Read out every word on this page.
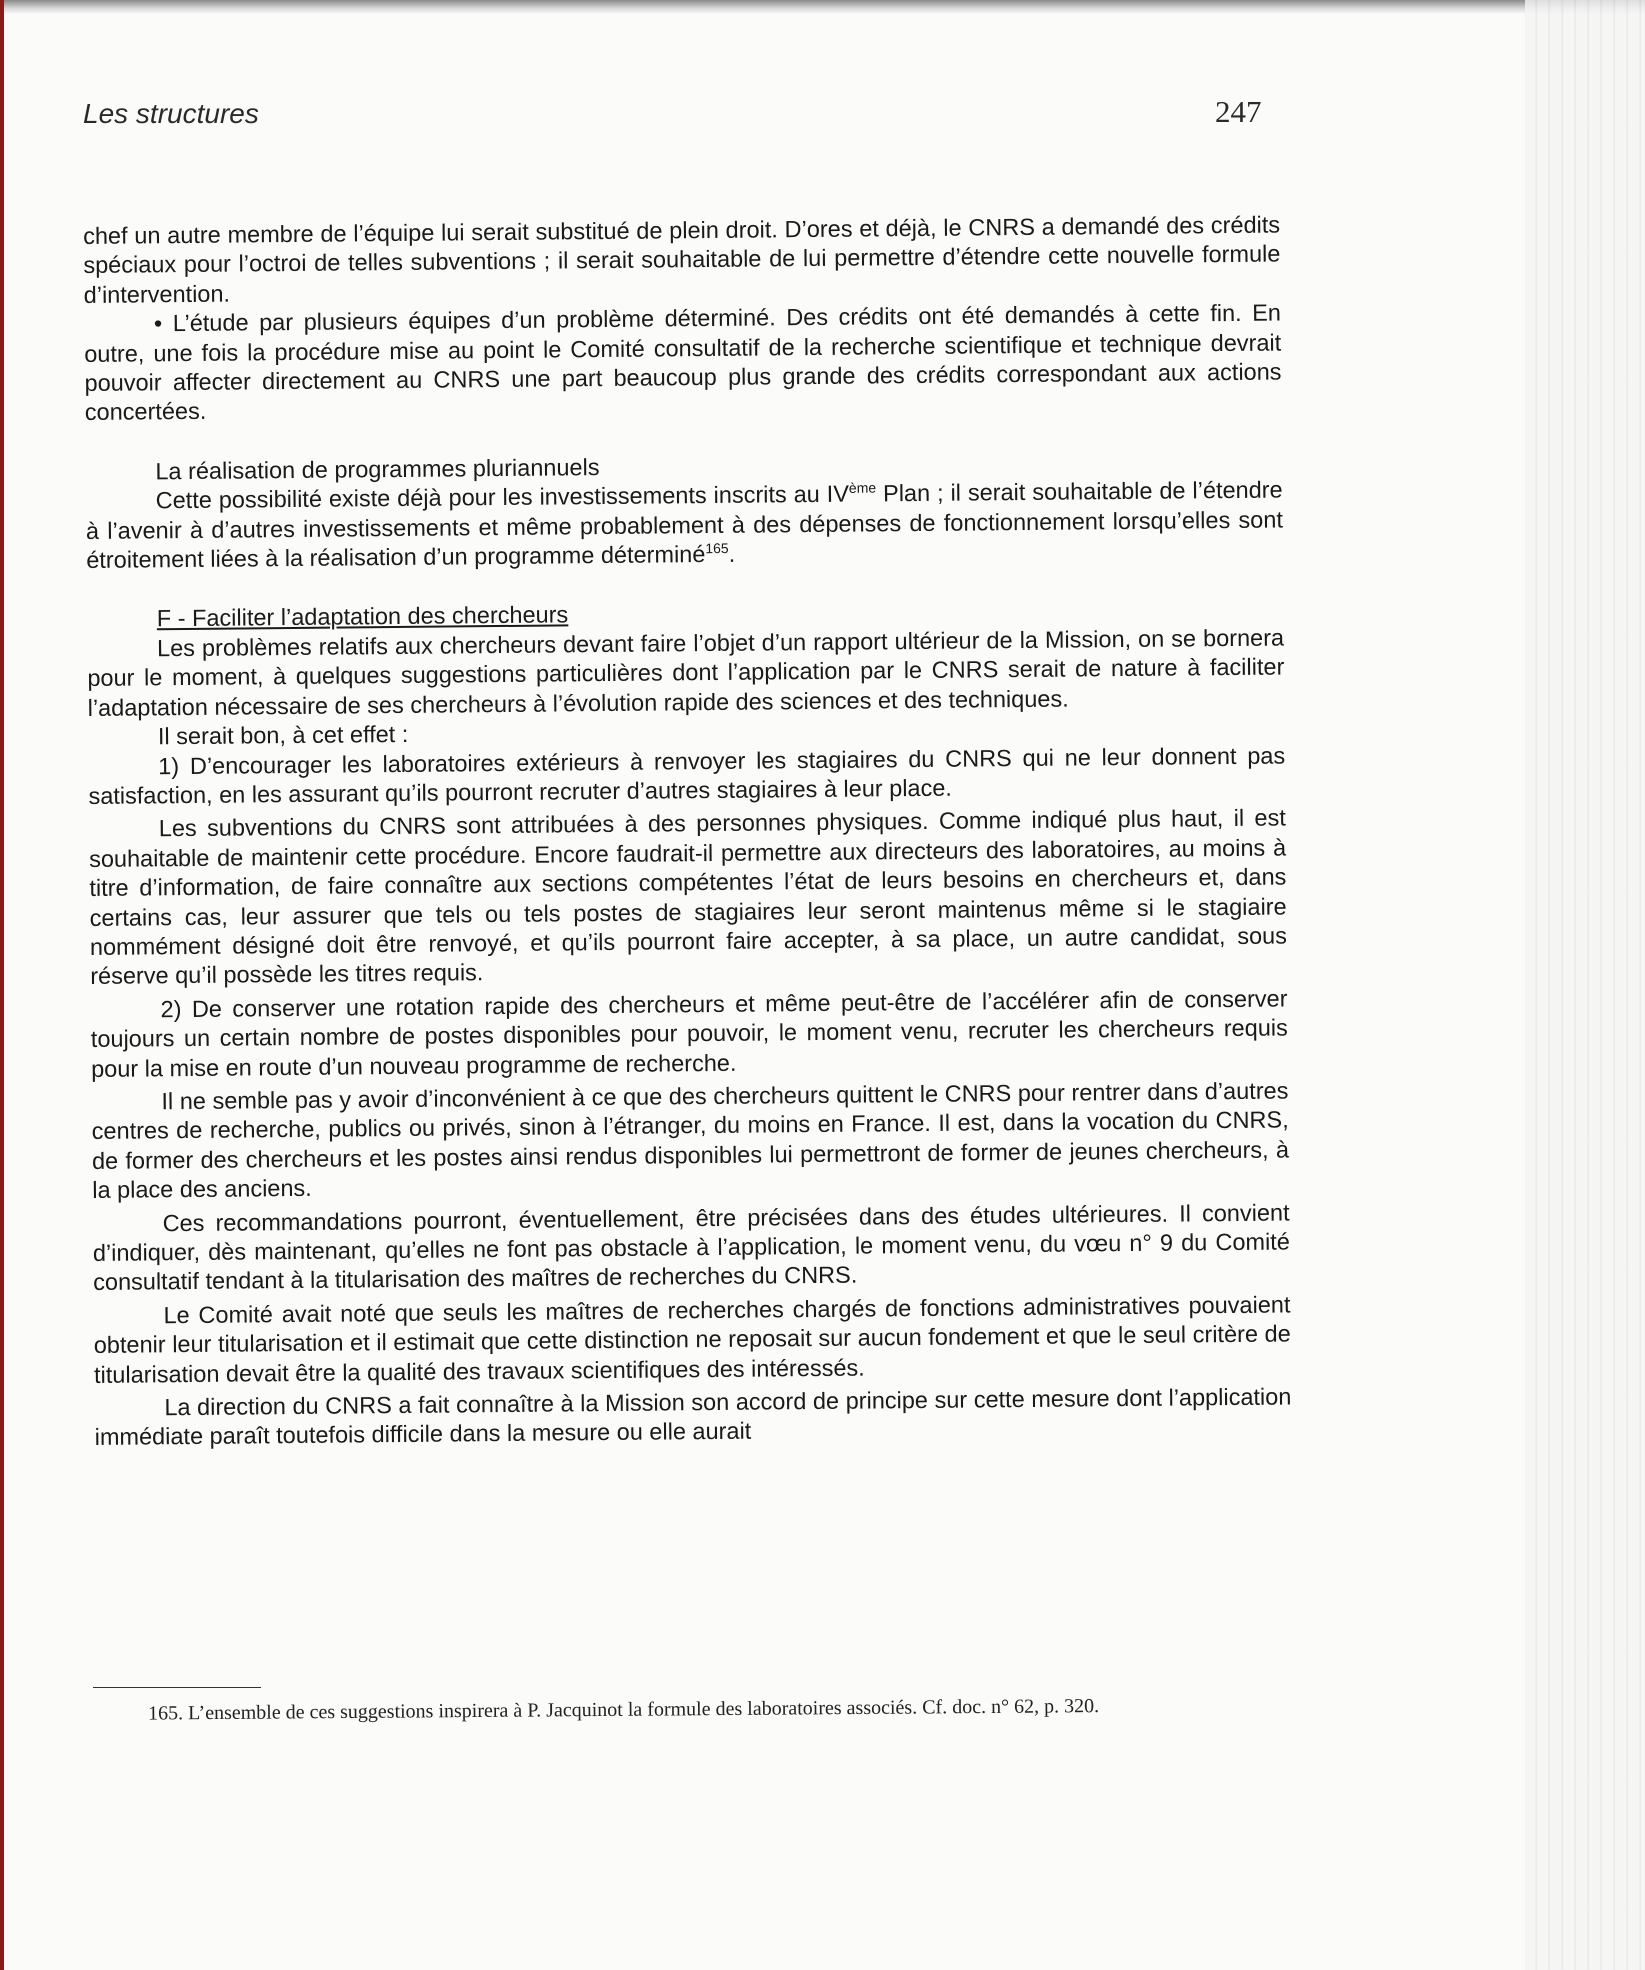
Les structures	247

chef un autre membre de l’équipe lui serait substitué de plein droit. D’ores et déjà, le CNRS a demandé des crédits spéciaux pour l’octroi de telles subventions ; il serait souhaitable de lui permettre d’étendre cette nouvelle formule d’intervention.

• L’étude par plusieurs équipes d’un problème déterminé. Des crédits ont été demandés à cette fin. En outre, une fois la procédure mise au point le Comité consultatif de la recherche scientifique et technique devrait pouvoir affecter directement au CNRS une part beaucoup plus grande des crédits correspondant aux actions concertées.

La réalisation de programmes pluriannuels

Cette possibilité existe déjà pour les investissements inscrits au IVème Plan ; il serait souhaitable de l’étendre à l’avenir à d’autres investissements et même probablement à des dépenses de fonctionnement lorsqu’elles sont étroitement liées à la réalisation d’un programme déterminé$^{165}$.

F - Faciliter l’adaptation des chercheurs

Les problèmes relatifs aux chercheurs devant faire l’objet d’un rapport ultérieur de la Mission, on se bornera pour le moment, à quelques suggestions particulières dont l’application par le CNRS serait de nature à faciliter l’adaptation nécessaire de ses chercheurs à l’évolution rapide des sciences et des techniques.

Il serait bon, à cet effet :

1) D’encourager les laboratoires extérieurs à renvoyer les stagiaires du CNRS qui ne leur donnent pas satisfaction, en les assurant qu’ils pourront recruter d’autres stagiaires à leur place.

Les subventions du CNRS sont attribuées à des personnes physiques. Comme indiqué plus haut, il est souhaitable de maintenir cette procédure. Encore faudrait-il permettre aux directeurs des laboratoires, au moins à titre d’information, de faire connaître aux sections compétentes l’état de leurs besoins en chercheurs et, dans certains cas, leur assurer que tels ou tels postes de stagiaires leur seront maintenus même si le stagiaire nommément désigné doit être renvoyé, et qu’ils pourront faire accepter, à sa place, un autre candidat, sous réserve qu’il possède les titres requis.

2) De conserver une rotation rapide des chercheurs et même peut-être de l’accélérer afin de conserver toujours un certain nombre de postes disponibles pour pouvoir, le moment venu, recruter les chercheurs requis pour la mise en route d’un nouveau programme de recherche.

Il ne semble pas y avoir d’inconvénient à ce que des chercheurs quittent le CNRS pour rentrer dans d’autres centres de recherche, publics ou privés, sinon à l’étranger, du moins en France. Il est, dans la vocation du CNRS, de former des chercheurs et les postes ainsi rendus disponibles lui permettront de former de jeunes chercheurs, à la place des anciens.

Ces recommandations pourront, éventuellement, être précisées dans des études ultérieures. Il convient d’indiquer, dès maintenant, qu’elles ne font pas obstacle à l’application, le moment venu, du vœu n° 9 du Comité consultatif tendant à la titularisation des maîtres de recherches du CNRS.

Le Comité avait noté que seuls les maîtres de recherches chargés de fonctions administratives pouvaient obtenir leur titularisation et il estimait que cette distinction ne reposait sur aucun fondement et que le seul critère de titularisation devait être la qualité des travaux scientifiques des intéressés.

La direction du CNRS a fait connaître à la Mission son accord de principe sur cette mesure dont l’application immédiate paraît toutefois difficile dans la mesure ou elle aurait

165. L’ensemble de ces suggestions inspirera à P. Jacquinot la formule des laboratoires associés. Cf. doc. n° 62, p. 320.
